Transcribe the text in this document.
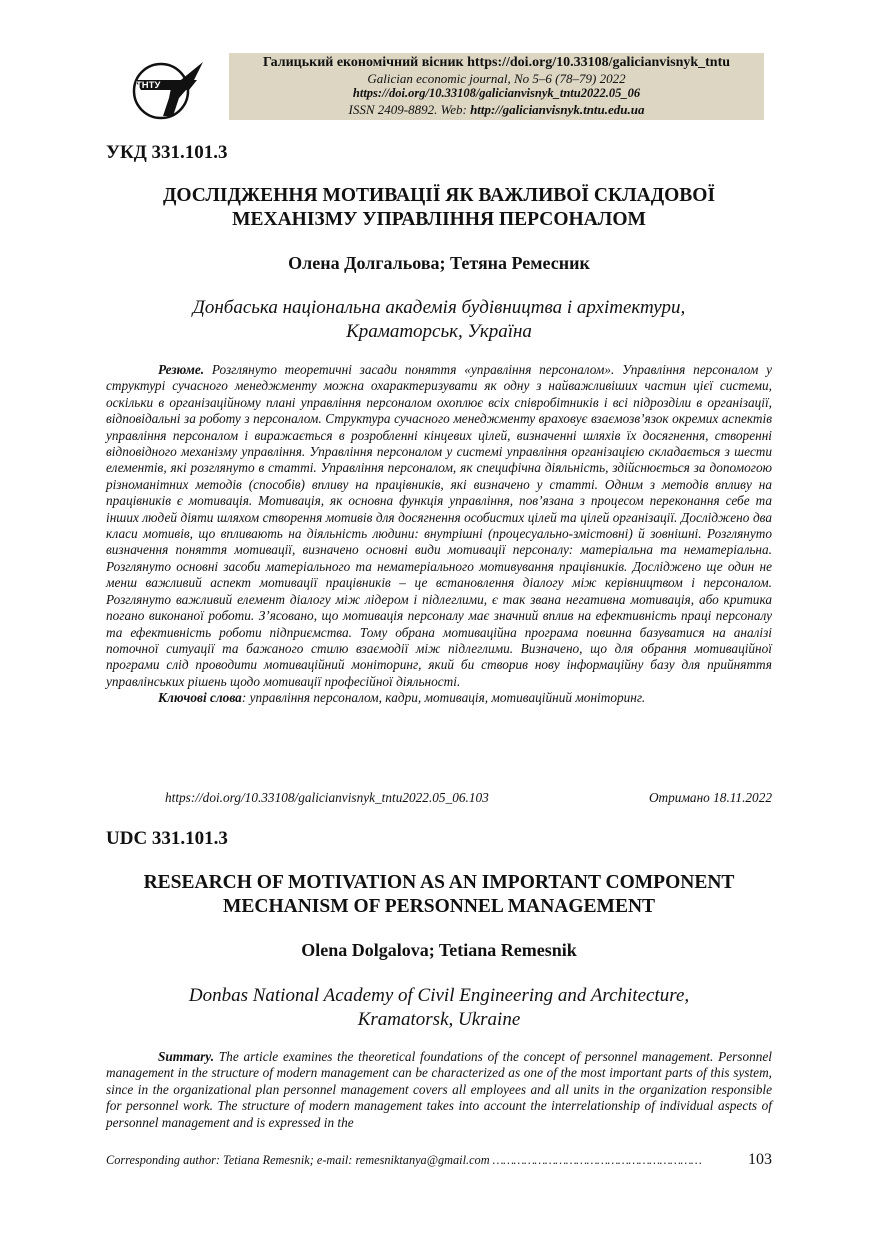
ТНТУ
Галицький економічний вісник https://doi.org/10.33108/galicianvisnyk_tntu
Galician economic journal, No 5–6 (78–79) 2022
https://doi.org/10.33108/galicianvisnyk_tntu2022.05_06
ISSN 2409-8892. Web: http://galicianvisnyk.tntu.edu.ua
УКД 331.101.3
ДОСЛІДЖЕННЯ МОТИВАЦІЇ ЯК ВАЖЛИВОЇ СКЛАДОВОЇ
МЕХАНІЗМУ УПРАВЛІННЯ ПЕРСОНАЛОМ
Олена Долгальова; Тетяна Ремесник
Донбаська національна академія будівництва і архітектури,
Краматорськ, Україна

Резюме. Розглянуто теоретичні засади поняття «управління персоналом». Управління персоналом у структурі сучасного менеджменту можна охарактеризувати як одну з найважливіших частин цієї системи, оскільки в організаційному плані управління персоналом охоплює всіх співробітників і всі підрозділи в організації, відповідальні за роботу з персоналом. Структура сучасного менеджменту враховує взаємозв’язок окремих аспектів управління персоналом і виражається в розробленні кінцевих цілей, визначенні шляхів їх досягнення, створенні відповідного механізму управління. Управління персоналом у системі управління організацією складається з шести елементів, які розглянуто в статті. Управління персоналом, як специфічна діяльність, здійснюється за допомогою різноманітних методів (способів) впливу на працівників, які визначено у статті. Одним з методів впливу на працівників є мотивація. Мотивація, як основна функція управління, пов’язана з процесом переконання себе та інших людей діяти шляхом створення мотивів для досягнення особистих цілей та цілей організації. Досліджено два класи мотивів, що впливають на діяльність людини: внутрішні (процесуально-змістовні) й зовнішні. Розглянуто визначення поняття мотивації, визначено основні види мотивації персоналу: матеріальна та нематеріальна. Розглянуто основні засоби матеріального та нематеріального мотивування працівників. Досліджено ще один не менш важливий аспект мотивації працівників – це встановлення діалогу між керівництвом і персоналом. Розглянуто важливий елемент діалогу між лідером і підлеглими, є так звана негативна мотивація, або критика погано виконаної роботи. З’ясовано, що мотивація персоналу має значний вплив на ефективність праці персоналу та ефективність роботи підприємства. Тому обрана мотиваційна програма повинна базуватися на аналізі поточної ситуації та бажаного стилю взаємодії між підлеглими. Визначено, що для обрання мотиваційної програми слід проводити мотиваційний моніторинг, який би створив нову інформаційну базу для прийняття управлінських рішень щодо мотивації професійної діяльності.

Ключові слова: управління персоналом, кадри, мотивація, мотиваційний моніторинг.

https://doi.org/10.33108/galicianvisnyk_tntu2022.05_06.103	Отримано 18.11.2022
UDC 331.101.3
RESEARCH OF MOTIVATION AS AN IMPORTANT COMPONENT
MECHANISM OF PERSONNEL MANAGEMENT
Olena Dolgalova; Tetiana Remesnik
Donbas National Academy of Civil Engineering and Architecture,
Kramatorsk, Ukraine

Summary. The article examines the theoretical foundations of the concept of personnel management. Personnel management in the structure of modern management can be characterized as one of the most important parts of this system, since in the organizational plan personnel management covers all employees and all units in the organization responsible for personnel work. The structure of modern management takes into account the interrelationship of individual aspects of personnel management and is expressed in the

Corresponding author: Tetiana Remesnik; e-mail: remesniktanya@gmail.com ……………………………………………………	103
